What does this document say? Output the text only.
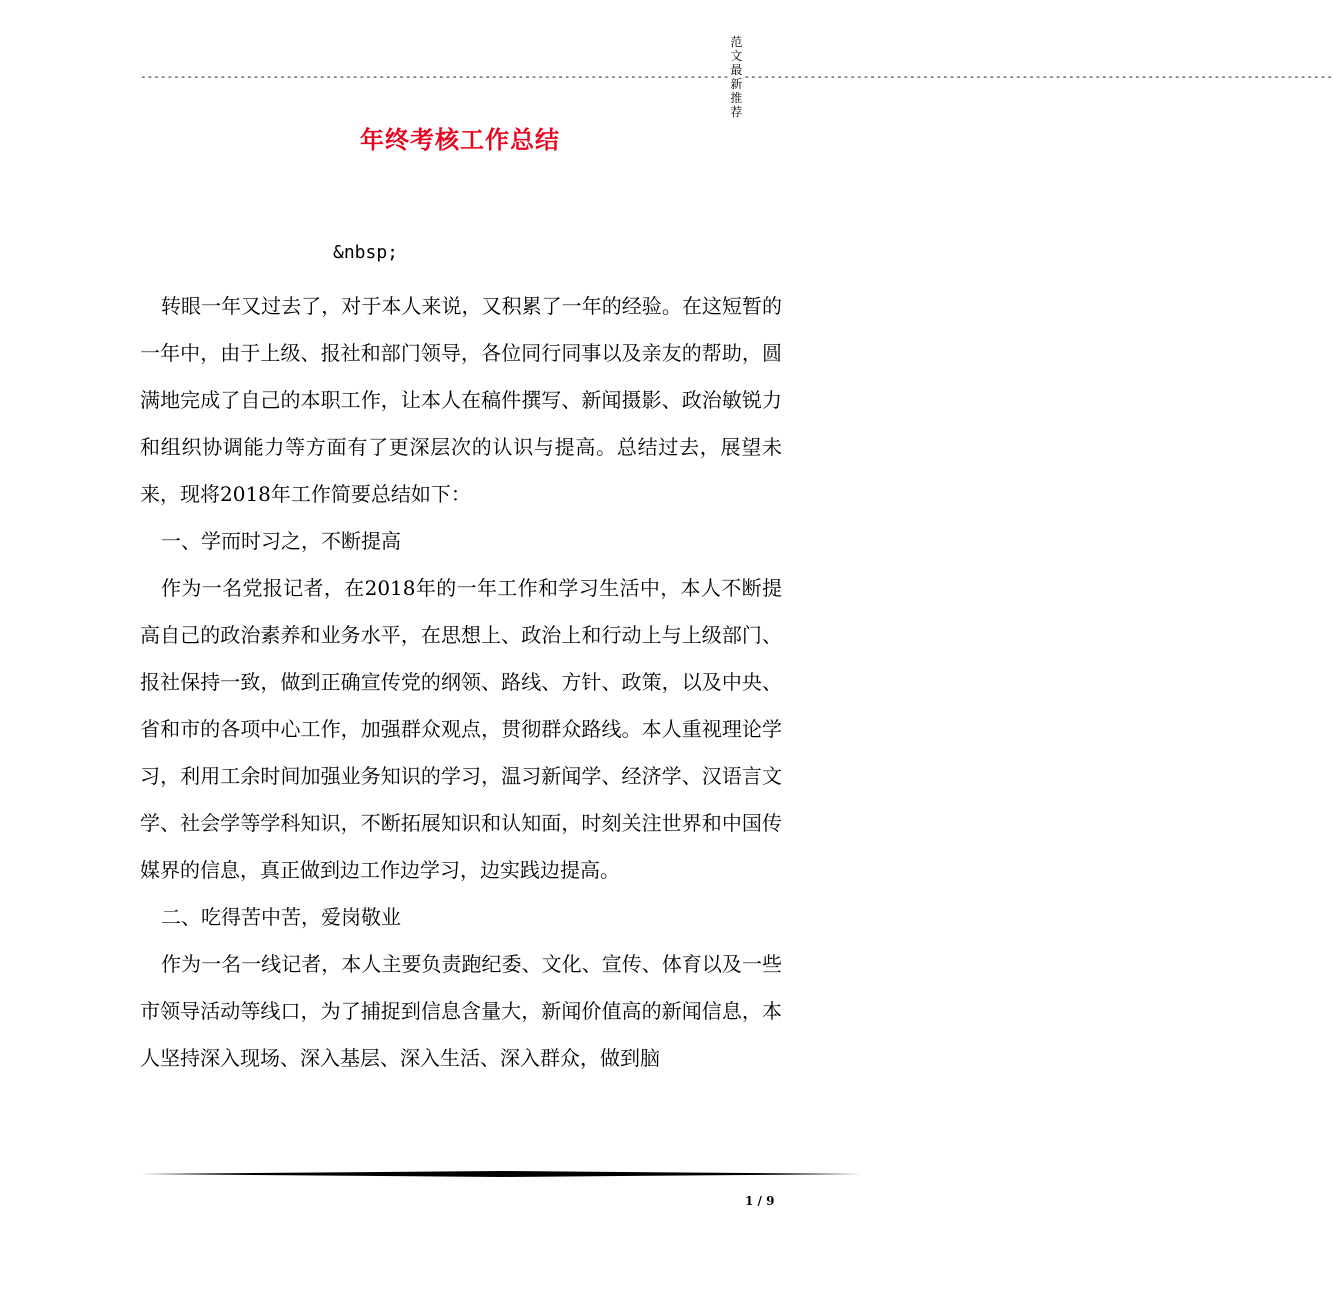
-----------------------------------------------------------------------------------------
范文最新推荐
-----------------------------------------------------------------------------------------
年终考核工作总结
&nbsp;

转眼一年又过去了，对于本人来说，又积累了一年的经验。在这短暂的一年中，由于上级、报社和部门领导，各位同行同事以及亲友的帮助，圆满地完成了自己的本职工作，让本人在稿件撰写、新闻摄影、政治敏锐力和组织协调能力等方面有了更深层次的认识与提高。总结过去，展望未来，现将2018年工作简要总结如下：

一、学而时习之，不断提高

作为一名党报记者，在2018年的一年工作和学习生活中，本人不断提高自己的政治素养和业务水平，在思想上、政治上和行动上与上级部门、报社保持一致，做到正确宣传党的纲领、路线、方针、政策，以及中央、省和市的各项中心工作，加强群众观点，贯彻群众路线。本人重视理论学习，利用工余时间加强业务知识的学习，温习新闻学、经济学、汉语言文学、社会学等学科知识，不断拓展知识和认知面，时刻关注世界和中国传媒界的信息，真正做到边工作边学习，边实践边提高。

二、吃得苦中苦，爱岗敬业

作为一名一线记者，本人主要负责跑纪委、文化、宣传、体育以及一些市领导活动等线口，为了捕捉到信息含量大，新闻价值高的新闻信息，本人坚持深入现场、深入基层、深入生活、深入群众，做到脑

1 / 9
